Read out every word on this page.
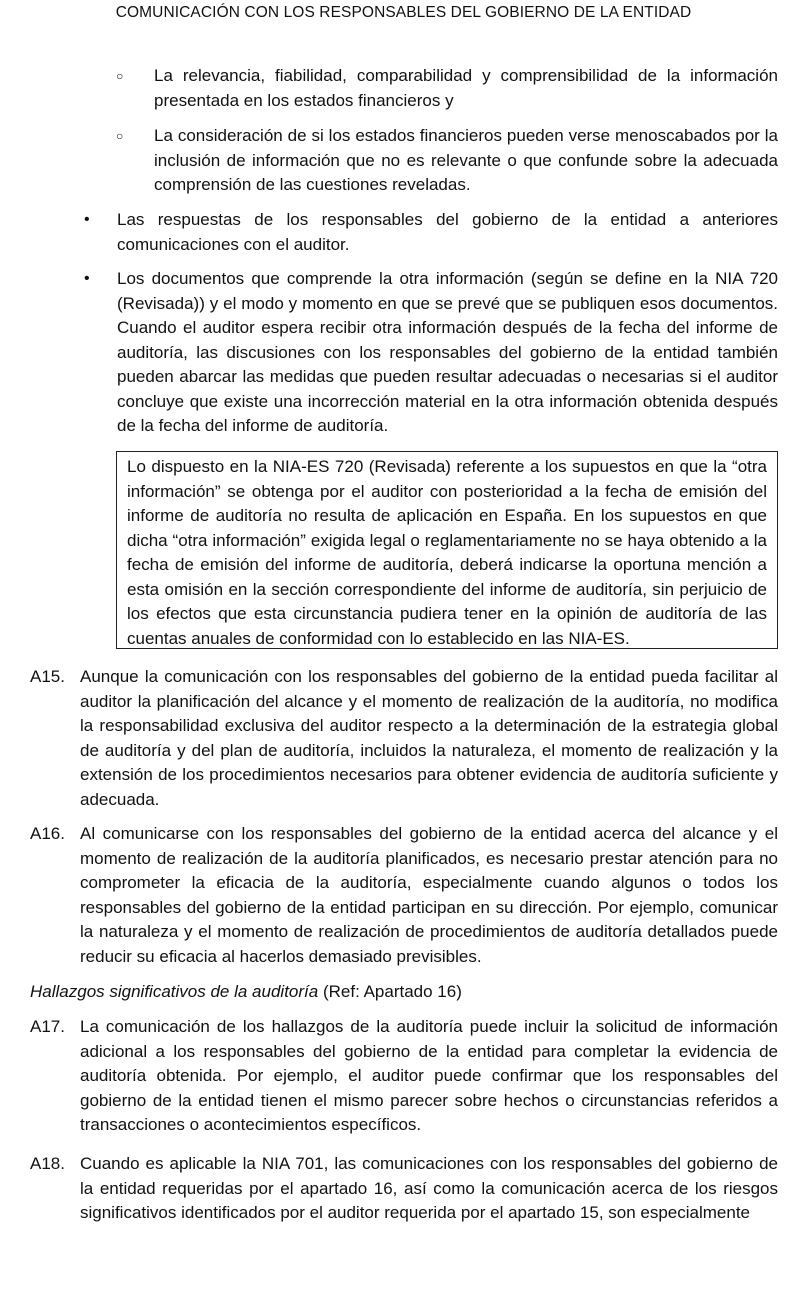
COMUNICACIÓN CON LOS RESPONSABLES DEL GOBIERNO DE LA ENTIDAD
○ La relevancia, fiabilidad, comparabilidad y comprensibilidad de la información presentada en los estados financieros y
○ La consideración de si los estados financieros pueden verse menoscabados por la inclusión de información que no es relevante o que confunde sobre la adecuada comprensión de las cuestiones reveladas.
• Las respuestas de los responsables del gobierno de la entidad a anteriores comunicaciones con el auditor.
• Los documentos que comprende la otra información (según se define en la NIA 720 (Revisada)) y el modo y momento en que se prevé que se publiquen esos documentos. Cuando el auditor espera recibir otra información después de la fecha del informe de auditoría, las discusiones con los responsables del gobierno de la entidad también pueden abarcar las medidas que pueden resultar adecuadas o necesarias si el auditor concluye que existe una incorrección material en la otra información obtenida después de la fecha del informe de auditoría.
Lo dispuesto en la NIA-ES 720 (Revisada) referente a los supuestos en que la “otra información” se obtenga por el auditor con posterioridad a la fecha de emisión del informe de auditoría no resulta de aplicación en España. En los supuestos en que dicha “otra información” exigida legal o reglamentariamente no se haya obtenido a la fecha de emisión del informe de auditoría, deberá indicarse la oportuna mención a esta omisión en la sección correspondiente del informe de auditoría, sin perjuicio de los efectos que esta circunstancia pudiera tener en la opinión de auditoría de las cuentas anuales de conformidad con lo establecido en las NIA-ES.
A15. Aunque la comunicación con los responsables del gobierno de la entidad pueda facilitar al auditor la planificación del alcance y el momento de realización de la auditoría, no modifica la responsabilidad exclusiva del auditor respecto a la determinación de la estrategia global de auditoría y del plan de auditoría, incluidos la naturaleza, el momento de realización y la extensión de los procedimientos necesarios para obtener evidencia de auditoría suficiente y adecuada.
A16. Al comunicarse con los responsables del gobierno de la entidad acerca del alcance y el momento de realización de la auditoría planificados, es necesario prestar atención para no comprometer la eficacia de la auditoría, especialmente cuando algunos o todos los responsables del gobierno de la entidad participan en su dirección. Por ejemplo, comunicar la naturaleza y el momento de realización de procedimientos de auditoría detallados puede reducir su eficacia al hacerlos demasiado previsibles.
Hallazgos significativos de la auditoría (Ref: Apartado 16)
A17. La comunicación de los hallazgos de la auditoría puede incluir la solicitud de información adicional a los responsables del gobierno de la entidad para completar la evidencia de auditoría obtenida. Por ejemplo, el auditor puede confirmar que los responsables del gobierno de la entidad tienen el mismo parecer sobre hechos o circunstancias referidos a transacciones o acontecimientos específicos.
A18. Cuando es aplicable la NIA 701, las comunicaciones con los responsables del gobierno de la entidad requeridas por el apartado 16, así como la comunicación acerca de los riesgos significativos identificados por el auditor requerida por el apartado 15, son especialmente
